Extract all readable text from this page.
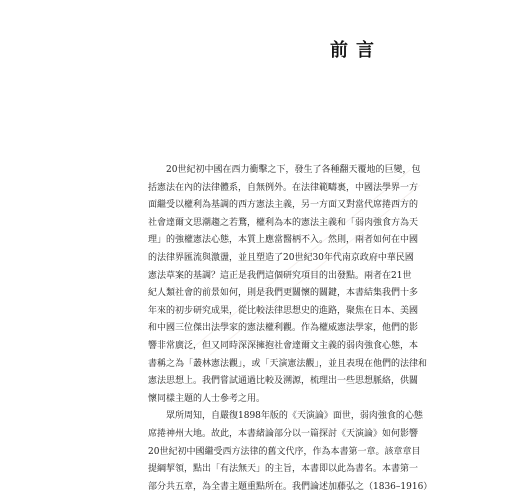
前言

20世紀初中國在西力衝擊之下，發生了各種翻天覆地的巨變，包
括憲法在內的法律體系，自無例外。在法律範疇裏，中國法學界一方
面繼受以權利為基調的西方憲法主義，另一方面又對當代席捲西方的
社會達爾文思潮趨之若鶩，權利為本的憲法主義和「弱肉強食方為天
理」的強權憲法心態，本質上應當醫柄不入。然則，兩者如何在中國
的法律界匯流與激盪，並且塑造了20世紀30年代南京政府中華民國
憲法草案的基調？這正是我們這個研究項目的出發點。兩者在21世
紀人類社會的前景如何，則是我們更關懷的關鍵，本書結集我們十多
年來的初步研究成果，從比較法律思想史的進路，聚焦在日本、美國
和中國三位傑出法學家的憲法權利觀。作為權威憲法學家，他們的影
響非常廣泛，但又同時深深擁抱社會達爾文主義的弱肉強食心態，本
書稱之為「叢林憲法觀」，或「天演憲法觀」，並且表現在他們的法律和
憲法思想上。我們嘗試通過比較及溯源，梳理出一些思想脈絡，供關
懷同樣主題的人士參考之用。

眾所周知，自嚴復1898年版的《天演論》面世，弱肉強食的心態
席捲神州大地。故此，本書緒論部分以一篇探討《天演論》如何影響
20世紀初中國繼受西方法律的舊文代序，作為本書第一章。該章章目
提綱挈領，點出「有法無天」的主旨，本書即以此為書名。本書第一
部分共五章，為全書主題重點所在。我們論述加藤弘之（1836–1916）
